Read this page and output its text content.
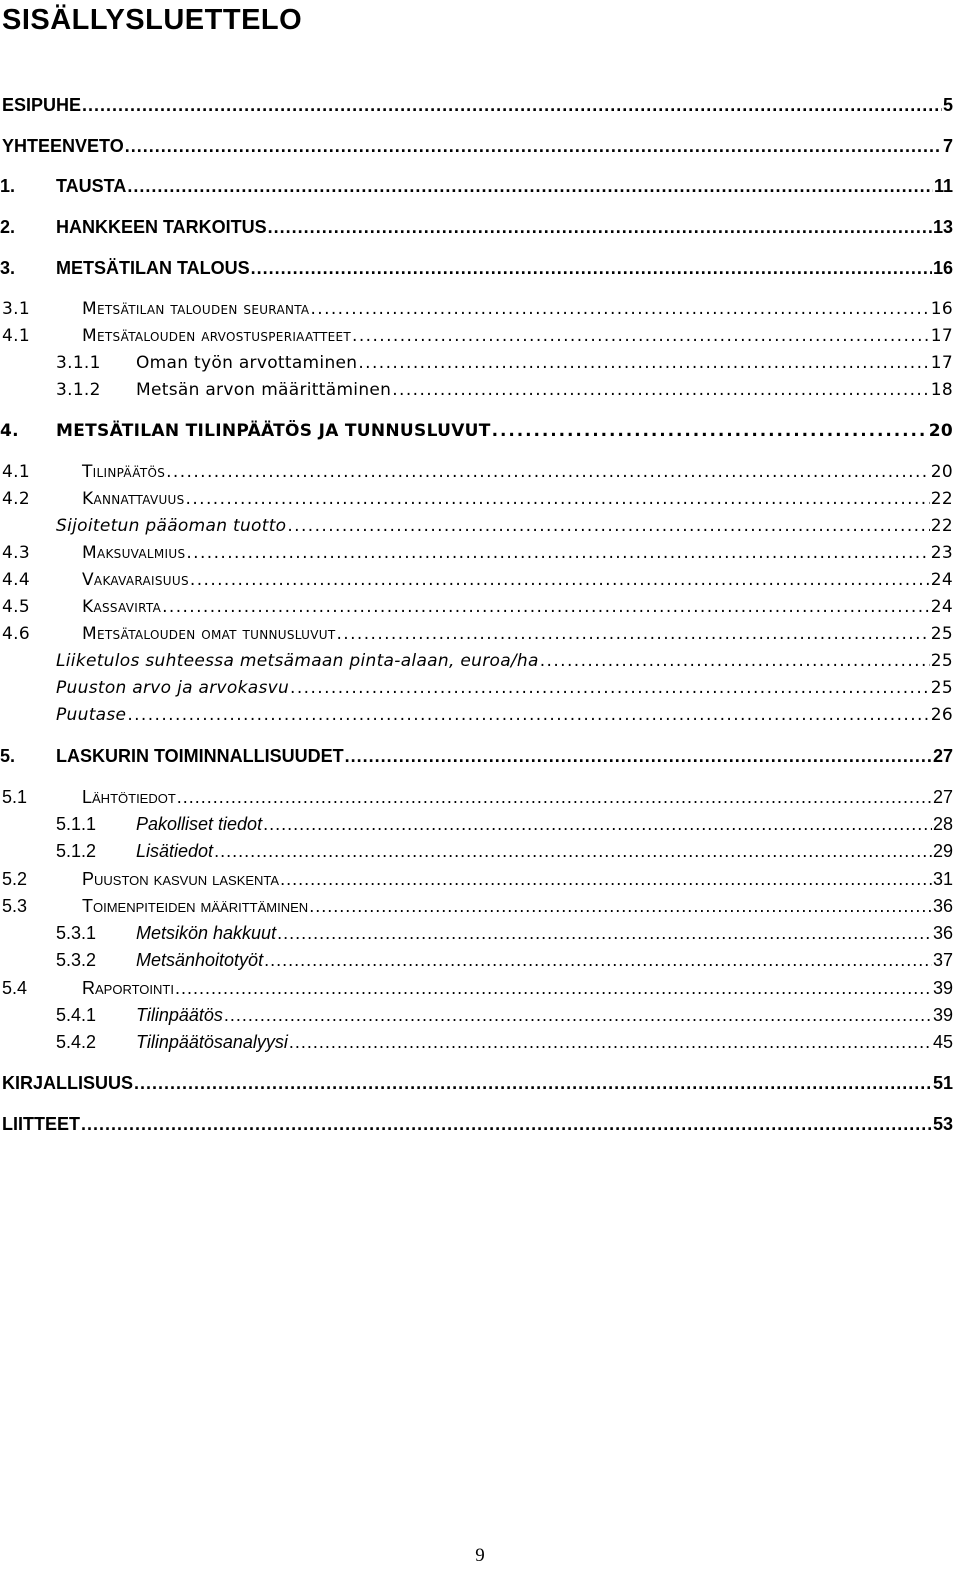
SISÄLLYSLUETTELO
ESIPUHE . . .	5
YHTEENVETO . . .	7
1.	TAUSTA . . .	11
2.	HANKKEEN TARKOITUS . . .	13
3.	METSÄTILAN TALOUS . . .	16
3.1	Metsätilan talouden seuranta . . .	16
4.1	Metsätalouden arvostusperiaatteet . . .	17
3.1.1	Oman työn arvottaminen . . .	17
3.1.2	Metsän arvon määrittäminen . . .	18
4.	METSÄTILAN TILINPÄÄTÖS JA TUNNUSLUVUT . . .	20
4.1	Tilinpäätös . . .	20
4.2	Kannattavuus . . .	22
Sijoitetun pääoman tuotto . . .	22
4.3	Maksuvalmius . . .	23
4.4	Vakavaraisuus . . .	24
4.5	Kassavirta . . .	24
4.6	Metsätalouden omat tunnusluvut . . .	25
Liiketulos suhteessa metsämaan pinta-alaan, euroa/ha . . .	25
Puuston arvo ja arvokasvu . . .	25
Puutase . . .	26
5.	LASKURIN TOIMINNALLISUUDET . . .	27
5.1	Lähtötiedot . . .	27
5.1.1	Pakolliset tiedot . . .	28
5.1.2	Lisätiedot . . .	29
5.2	Puuston kasvun laskenta . . .	31
5.3	Toimenpiteiden määrittäminen . . .	36
5.3.1	Metsikön hakkuut . . .	36
5.3.2	Metsänhoitotyöt . . .	37
5.4	Raportointi . . .	39
5.4.1	Tilinpäätös . . .	39
5.4.2	Tilinpäätösanalyysi . . .	45
KIRJALLISUUS . . .	51
LIITTEET . . .	53
9
